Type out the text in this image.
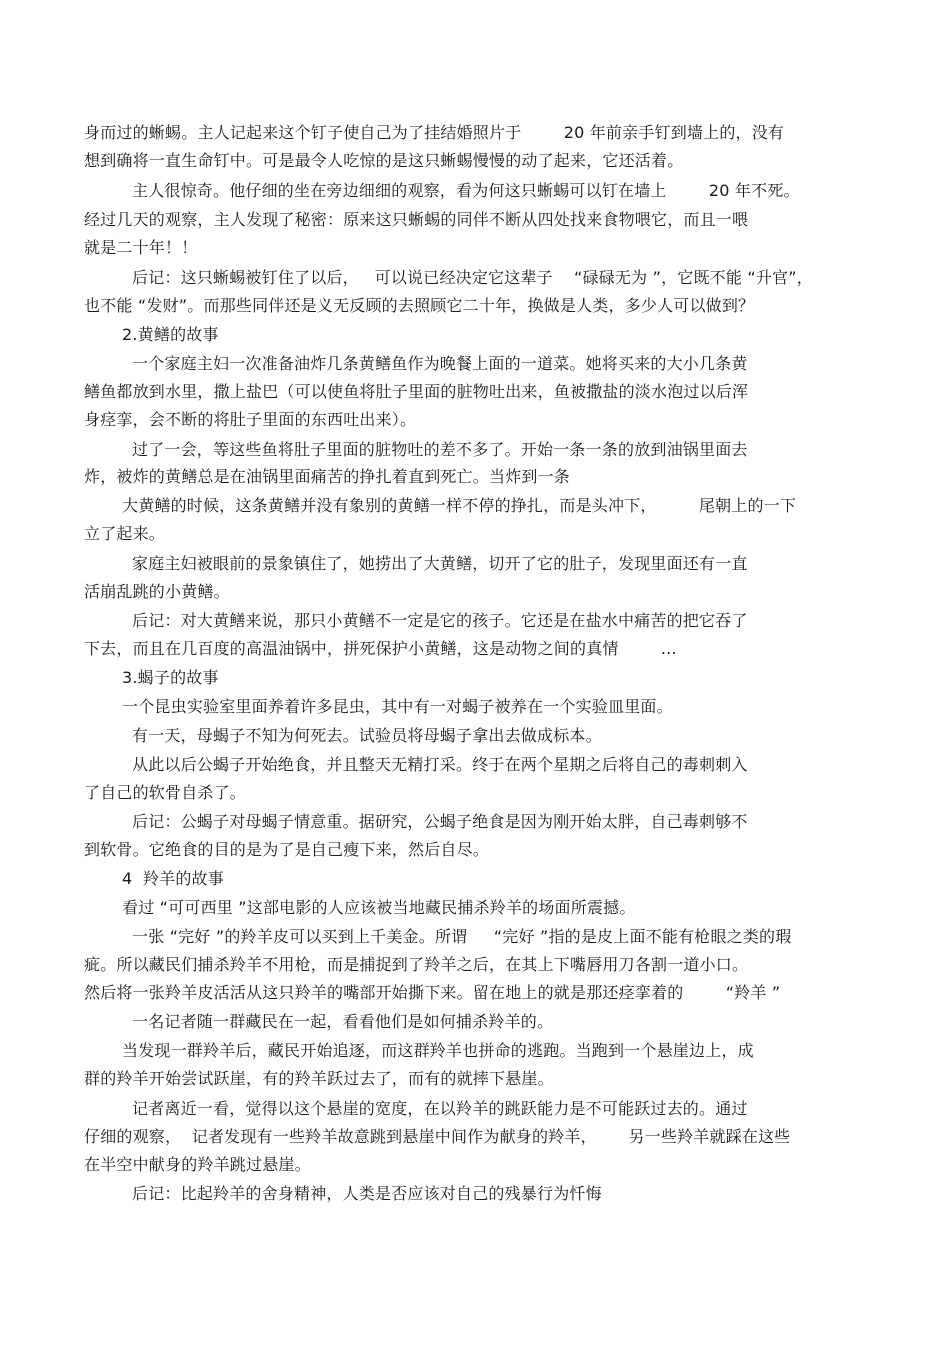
身而过的蜥蜴。主人记起来这个钉子使自己为了挂结婚照片于        20 年前亲手钉到墙上的，没有
想到确将一直生命钉中。可是最令人吃惊的是这只蜥蜴慢慢的动了起来，它还活着。
主人很惊奇。他仔细的坐在旁边细细的观察，看为何这只蜥蜴可以钉在墙上        20 年不死。
经过几天的观察，主人发现了秘密：原来这只蜥蜴的同伴不断从四处找来食物喂它，而且一喂
就是二十年！！
后记：这只蜥蜴被钉住了以后，   可以说已经决定它这辈子    “碌碌无为 ”，它既不能 “升官”，
也不能 “发财”。而那些同伴还是义无反顾的去照顾它二十年，换做是人类，多少人可以做到？
2.黄鳝的故事
一个家庭主妇一次准备油炸几条黄鳝鱼作为晚餐上面的一道菜。她将买来的大小几条黄
鳝鱼都放到水里，撒上盐巴（可以使鱼将肚子里面的脏物吐出来，鱼被撒盐的淡水泡过以后浑
身痉挛，会不断的将肚子里面的东西吐出来）。
过了一会，等这些鱼将肚子里面的脏物吐的差不多了。开始一条一条的放到油锅里面去
炸，被炸的黄鳝总是在油锅里面痛苦的挣扎着直到死亡。当炸到一条
大黄鳝的时候，这条黄鳝并没有象别的黄鳝一样不停的挣扎，而是头冲下，        尾朝上的一下
立了起来。
家庭主妇被眼前的景象镇住了，她捞出了大黄鳝，切开了它的肚子，发现里面还有一直
活崩乱跳的小黄鳝。
后记：对大黄鳝来说，那只小黄鳝不一定是它的孩子。它还是在盐水中痛苦的把它吞了
下去，而且在几百度的高温油锅中，拼死保护小黄鳝，这是动物之间的真情        ...
3.蝎子的故事
一个昆虫实验室里面养着许多昆虫，其中有一对蝎子被养在一个实验皿里面。
有一天，母蝎子不知为何死去。试验员将母蝎子拿出去做成标本。
从此以后公蝎子开始绝食，并且整天无精打采。终于在两个星期之后将自己的毒刺刺入
了自己的软骨自杀了。
后记：公蝎子对母蝎子情意重。据研究，公蝎子绝食是因为刚开始太胖，自己毒刺够不
到软骨。它绝食的目的是为了是自己瘦下来，然后自尽。
4  羚羊的故事
看过 “可可西里 ”这部电影的人应该被当地藏民捕杀羚羊的场面所震撼。
一张 “完好 ”的羚羊皮可以买到上千美金。所谓     “完好 ”指的是皮上面不能有枪眼之类的瑕
疵。所以藏民们捕杀羚羊不用枪，而是捕捉到了羚羊之后，在其上下嘴唇用刀各割一道小口。
然后将一张羚羊皮活活从这只羚羊的嘴部开始撕下来。留在地上的就是那还痉挛着的        “羚羊 ”
一名记者随一群藏民在一起，看看他们是如何捕杀羚羊的。
当发现一群羚羊后，藏民开始追逐，而这群羚羊也拼命的逃跑。当跑到一个悬崖边上，成
群的羚羊开始尝试跃崖，有的羚羊跃过去了，而有的就摔下悬崖。
记者离近一看，觉得以这个悬崖的宽度，在以羚羊的跳跃能力是不可能跃过去的。通过
仔细的观察，  记者发现有一些羚羊故意跳到悬崖中间作为献身的羚羊，      另一些羚羊就踩在这些
在半空中献身的羚羊跳过悬崖。
后记：比起羚羊的舍身精神，人类是否应该对自己的残暴行为忏悔
